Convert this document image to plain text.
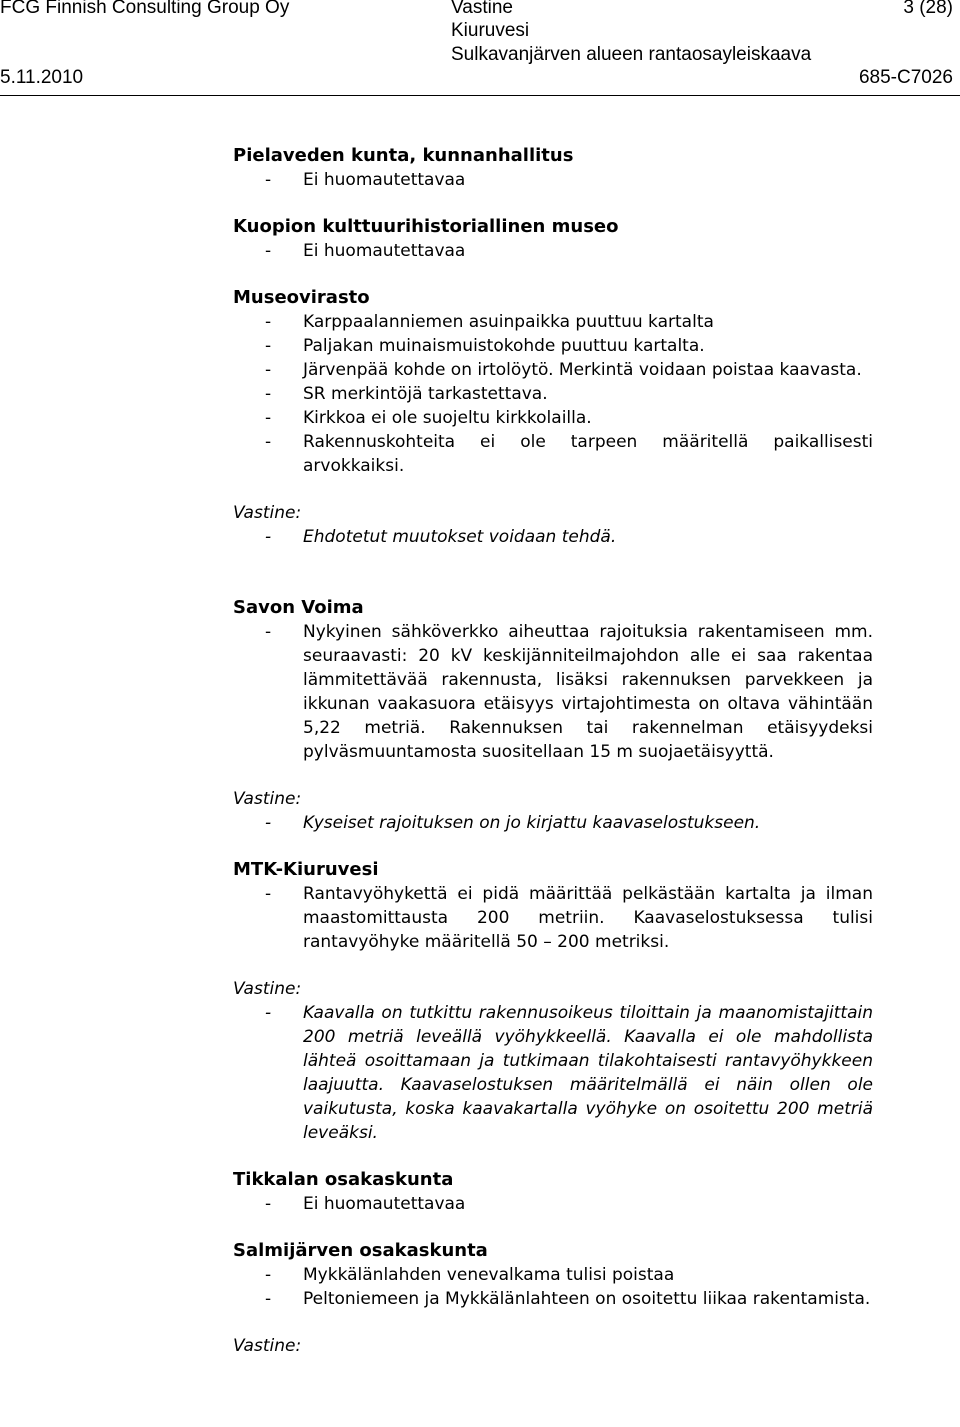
FCG Finnish Consulting Group Oy
5.11.2010
Vastine
Kiuruvesi
Sulkavanjärven alueen rantaosayleiskaava
3 (28)
685-C7026
Pielaveden kunta, kunnanhallitus
- Ei huomautettavaa
Kuopion kulttuurihistoriallinen museo
- Ei huomautettavaa
Museovirasto
- Karppaalanniemen asuinpaikka puuttuu kartalta
- Paljakan muinaismuistokohde puuttuu kartalta.
- Järvenpää kohde on irtolöytö. Merkintä voidaan poistaa kaavasta.
- SR merkintöjä tarkastettava.
- Kirkkoa ei ole suojeltu kirkkolailla.
- Rakennuskohteita ei ole tarpeen määritellä paikallisesti arvokkaiksi.
Vastine:
- Ehdotetut muutokset voidaan tehdä.
Savon Voima
- Nykyinen sähköverkko aiheuttaa rajoituksia rakentamiseen mm. seuraavasti: 20 kV keskijänniteilmajohdon alle ei saa rakentaa lämmitettävää rakennusta, lisäksi rakennuksen parvekkeen ja ikkunan vaakasuora etäisyys virtajohtimesta on oltava vähintään 5,22 metriä. Rakennuksen tai rakennelman etäisyydeksi pylväsmuuntamosta suositellaan 15 m suojaetäisyyttä.
Vastine:
- Kyseiset rajoituksen on jo kirjattu kaavaselostukseen.
MTK-Kiuruvesi
- Rantavyöhykettä ei pidä määrittää pelkästään kartalta ja ilman maastomittausta 200 metriin. Kaavaselostuksessa tulisi rantavyöhyke määritellä 50 – 200 metriksi.
Vastine:
- Kaavalla on tutkittu rakennusoikeus tiloittain ja maanomistajittain 200 metriä leveällä vyöhykkeellä. Kaavalla ei ole mahdollista lähteä osoittamaan ja tutkimaan tilakohtaisesti rantavyöhykkeen laajuutta. Kaavaselostuksen määritelmällä ei näin ollen ole vaikutusta, koska kaavakartalla vyöhyke on osoitettu 200 metriä leveäksi.
Tikkalan osakaskunta
- Ei huomautettavaa
Salmijärven osakaskunta
- Mykkälänlahden venevalkama tulisi poistaa
- Peltoniemeen ja Mykkälänlahteen on osoitettu liikaa rakentamista.
Vastine:
